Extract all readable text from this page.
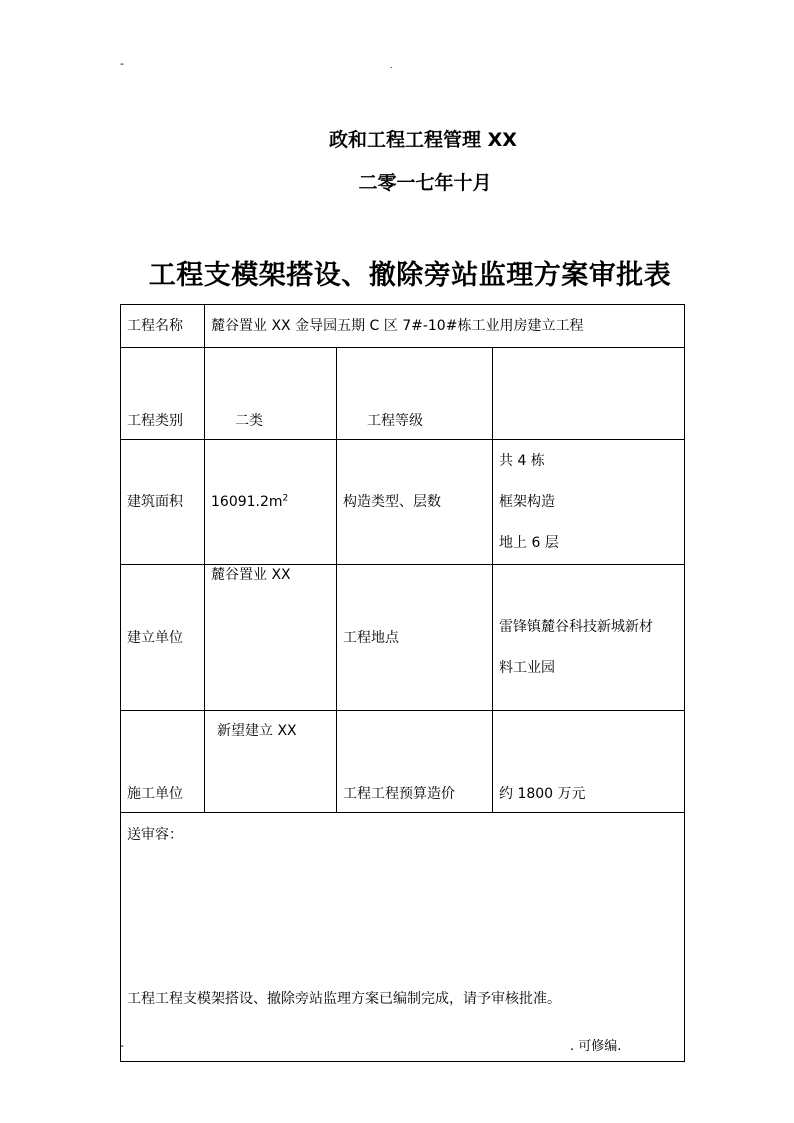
-	.
政和工程工程管理 XX
二零一七年十月
工程支模架搭设、撤除旁站监理方案审批表
工程名称	麓谷置业 XX 金导园五期 C 区 7#-10#栋工业用房建立工程		
工程类别	二类	工程等级	
建筑面积	$16091.2m^2$	构造类型、层数	共 4 栋
框架构造
地上 6 层

建立单位	麓谷置业 XX	工程地点	雷锋镇麓谷科技新城新材
料工业园

施工单位	新望建立 XX	工程工程预算造价	约 1800 万元

送审容：
工程工程支模架搭设、撤除旁站监理方案已编制完成，请予审核批准。			
-	. 可修编.
